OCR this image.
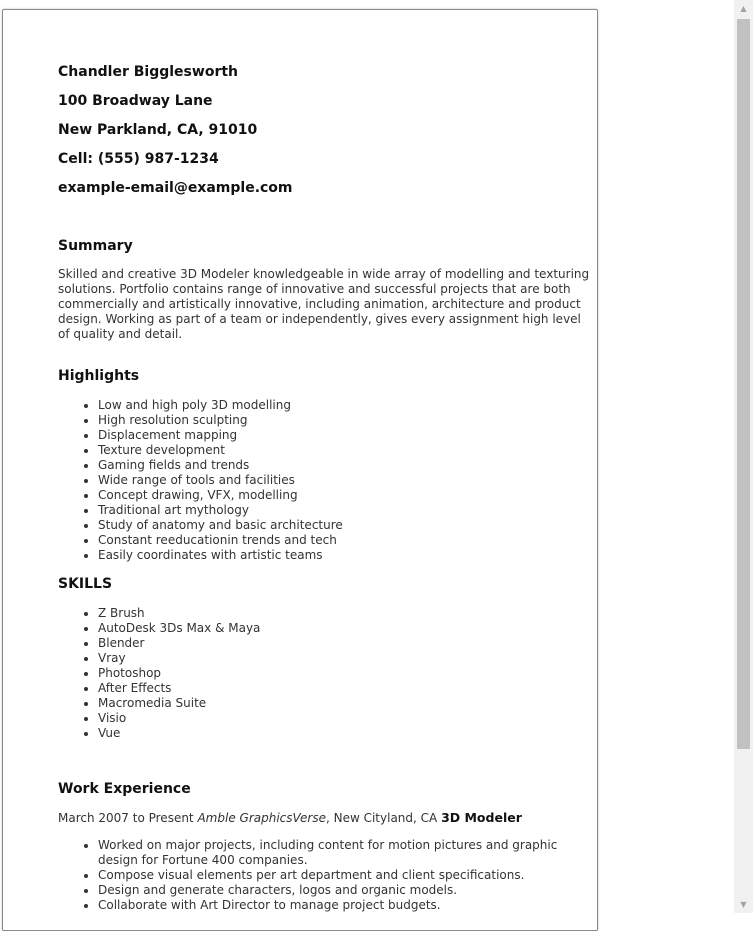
Chandler Bigglesworth
100 Broadway Lane
New Parkland, CA, 91010
Cell: (555) 987-1234
example-email@example.com
Summary
Skilled and creative 3D Modeler knowledgeable in wide array of modelling and texturing solutions. Portfolio contains range of innovative and successful projects that are both commercially and artistically innovative, including animation, architecture and product design. Working as part of a team or independently, gives every assignment high level of quality and detail.
Highlights
• Low and high poly 3D modelling
• High resolution sculpting
• Displacement mapping
• Texture development
• Gaming fields and trends
• Wide range of tools and facilities
• Concept drawing, VFX, modelling
• Traditional art mythology
• Study of anatomy and basic architecture
• Constant reeducationin trends and tech
• Easily coordinates with artistic teams
SKILLS
• Z Brush
• AutoDesk 3Ds Max & Maya
• Blender
• Vray
• Photoshop
• After Effects
• Macromedia Suite
• Visio
• Vue
Work Experience
March 2007 to Present Amble GraphicsVerse, New Cityland, CA 3D Modeler
• Worked on major projects, including content for motion pictures and graphic design for Fortune 400 companies.
• Compose visual elements per art department and client specifications.
• Design and generate characters, logos and organic models.
• Collaborate with Art Director to manage project budgets.
▲
▼
